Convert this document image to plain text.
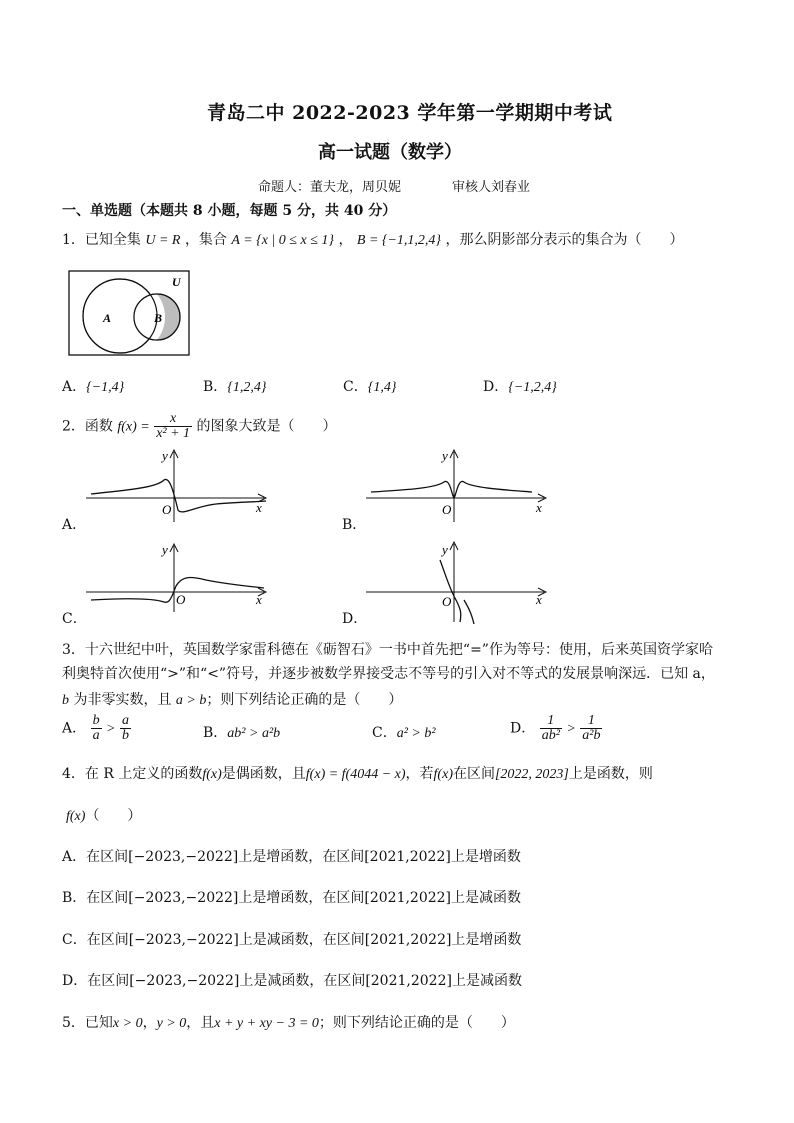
青岛二中 2022-2023 学年第一学期期中考试
高一试题（数学）
命题人：董夫龙，周贝妮	审核人刘春业
一、单选题（本题共 8 小题，每题 5 分，共 40 分）
1．已知全集 U = R ，集合 A = {x | 0 ≤ x ≤ 1} ， B = {−1,1,2,4} ，那么阴影部分表示的集合为（　　）
U
A	B
A．{−1,4}	B．{1,2,4}	C．{1,4}	D．{−1,2,4}
2．函数 $f(x) = \frac{x}{\text{x² + 1}}$ 的图象大致是（　　）
y
O	x
A．
y
O	x
B．
y
O	x
C．
y
O	x
D．
3．十六世纪中叶，英国数学家雷科德在《砺智石》一书中首先把“=”作为等号：使用，后来英国资学家哈
利奥特首次使用“>”和“<”符号，并逐步被数学界接受志不等号的引入对不等式的发展景响深远．已知 a，
b 为非零实数，且 a > b；则下列结论正确的是（　　）
A． $\frac{b}{a} > \frac{a}{b}$	B．ab² > a²b	C．a² > b²	D． $\frac{1}{\text{ab²}} > \frac{1}{\text{a²b}}$
4．在 R 上定义的函数f(x)是偶函数，且f(x) = f(4044 − x)，若f(x)在区间[2022, 2023]上是函数，则
f(x)（　　）
A．在区间[−2023,−2022]上是增函数，在区间[2021,2022]上是增函数
B．在区间[−2023,−2022]上是增函数，在区间[2021,2022]上是减函数
C．在区间[−2023,−2022]上是减函数，在区间[2021,2022]上是增函数
D．在区间[−2023,−2022]上是减函数，在区间[2021,2022]上是减函数
5．已知x > 0，y > 0，且x + y + xy − 3 = 0；则下列结论正确的是（　　）
